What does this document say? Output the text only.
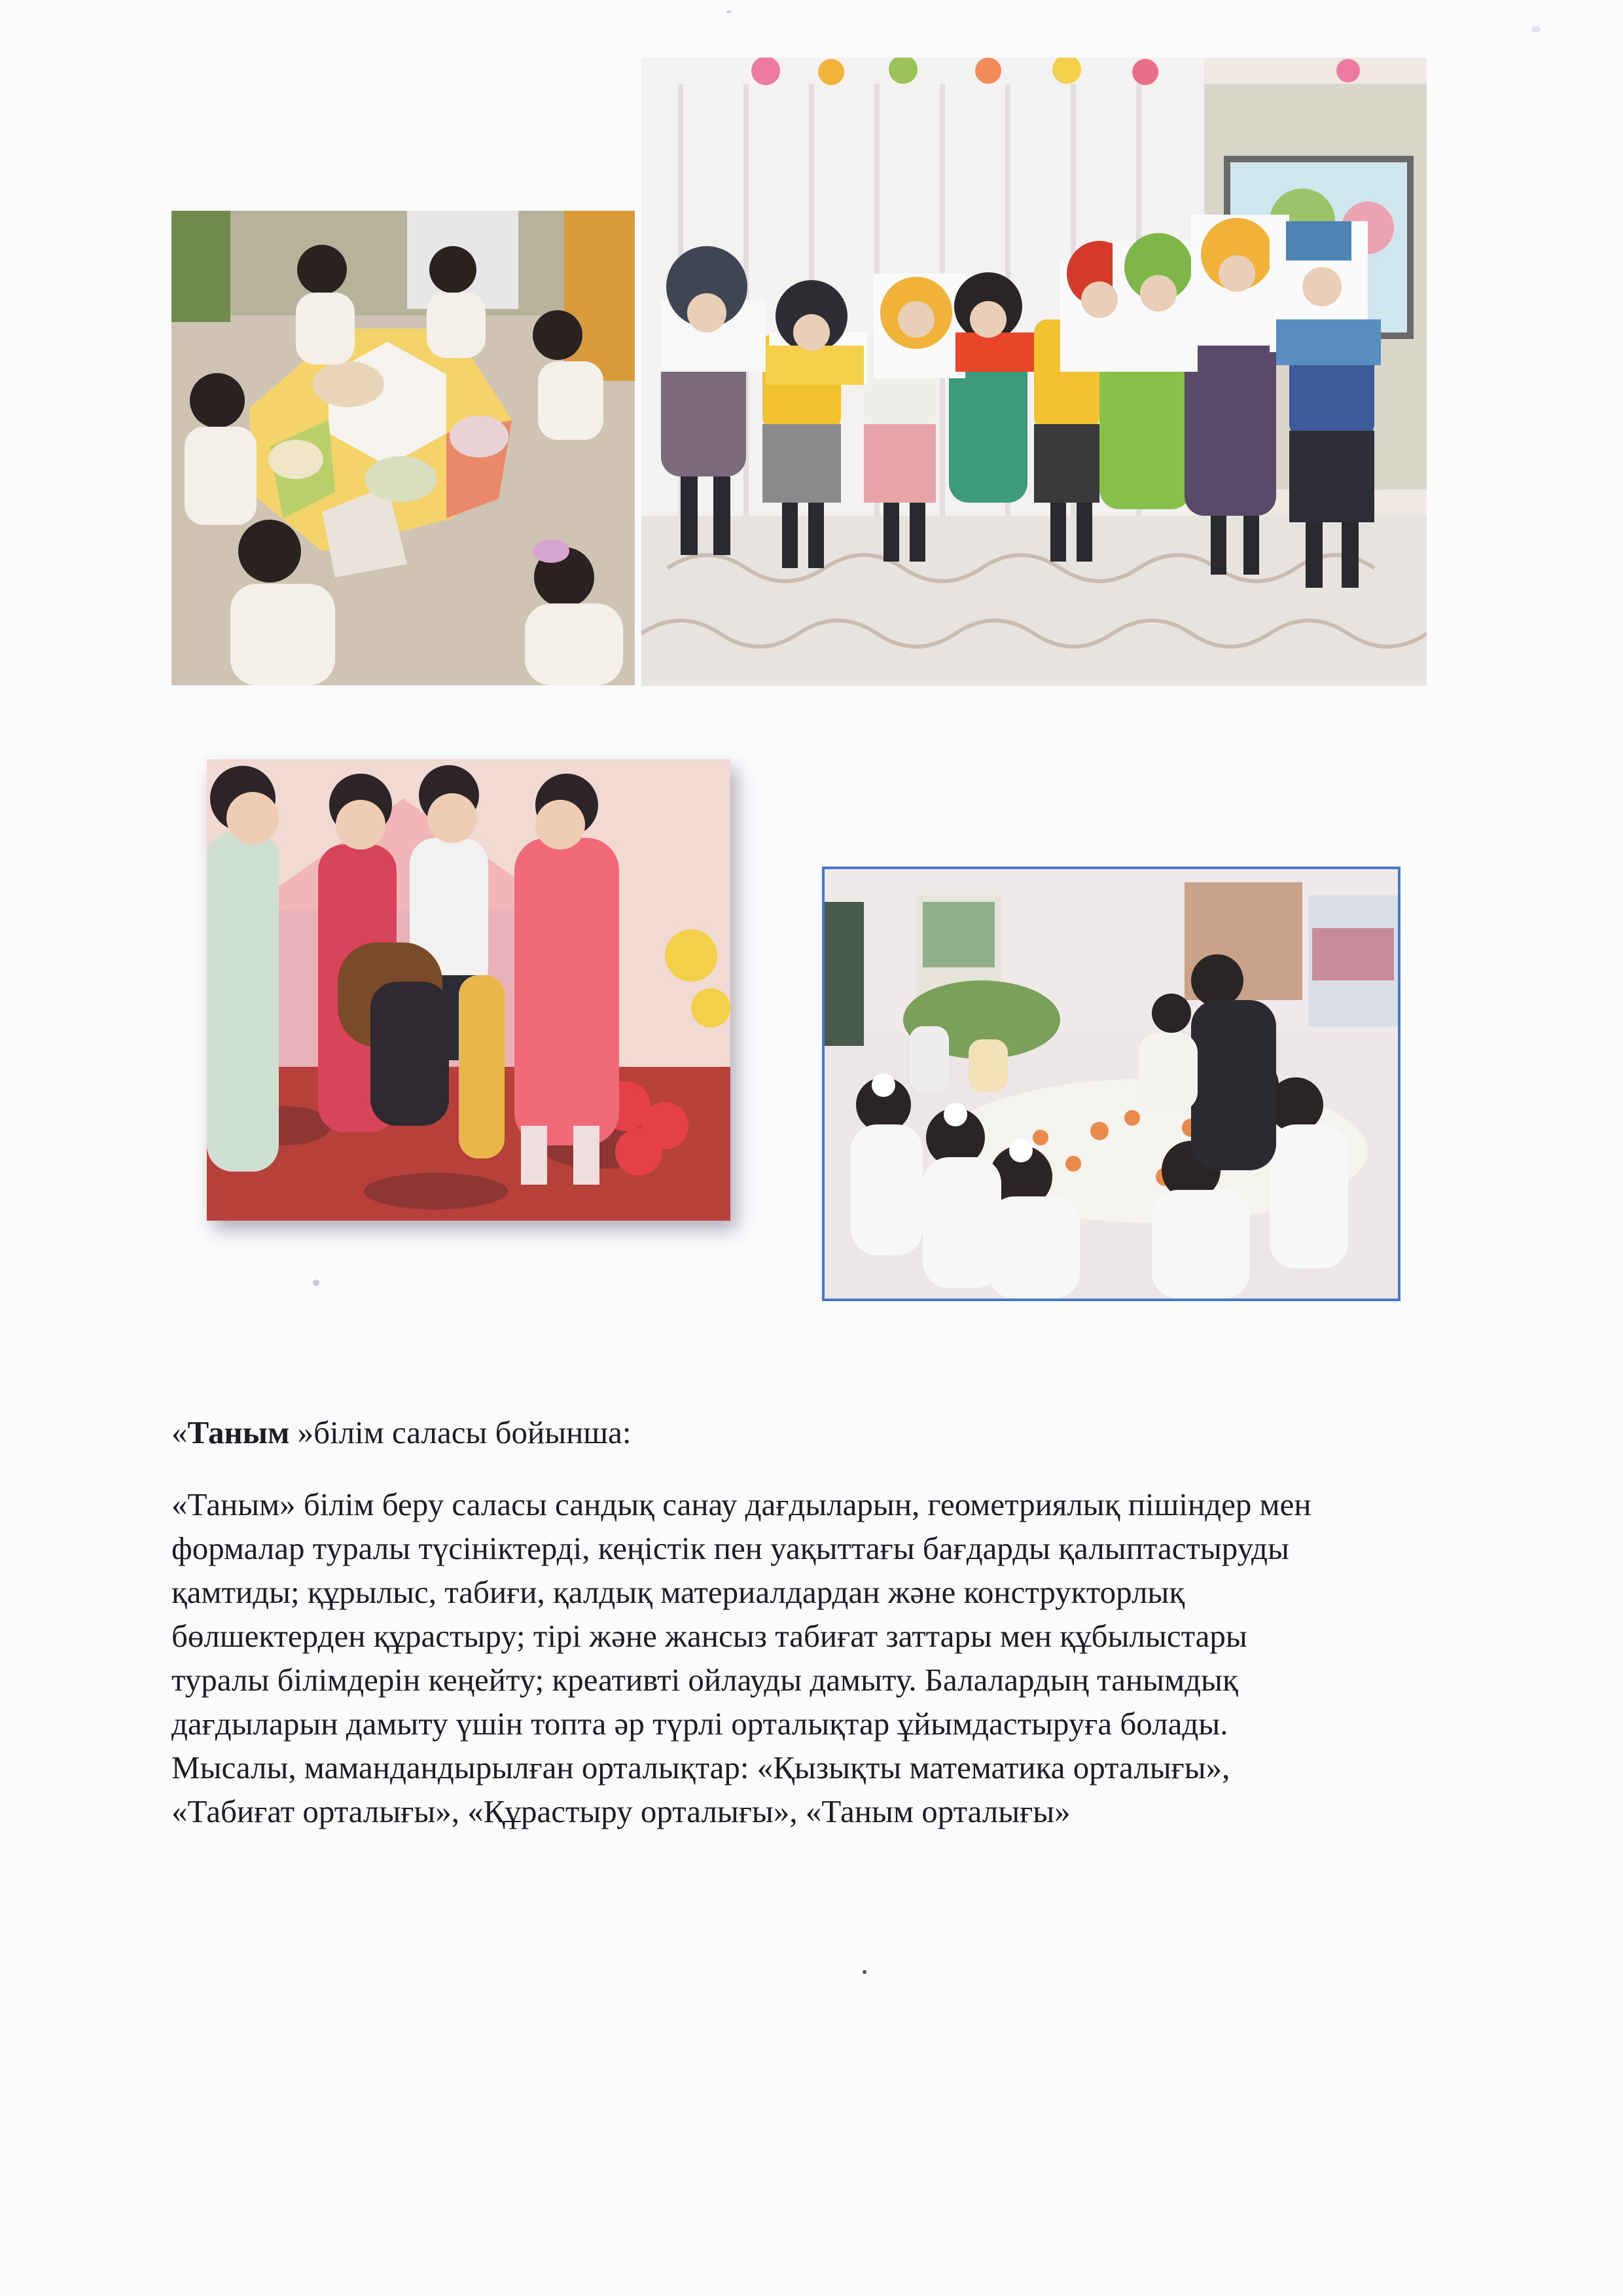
«Таным »білім саласы бойынша:
«Таным» білім беру саласы сандық санау дағдыларын, геометриялық пішіндер мен
формалар туралы түсініктерді, кеңістік пен уақыттағы бағдарды қалыптастыруды
қамтиды; құрылыс, табиғи, қалдық материалдардан және конструкторлық
бөлшектерден құрастыру; тірі және жансыз табиғат заттары мен құбылыстары
туралы білімдерін кеңейту; креативті ойлауды дамыту. Балалардың танымдық
дағдыларын дамыту үшін топта әр түрлі орталықтар ұйымдастыруға болады.
Мысалы, мамандандырылған орталықтар: «Қызықты математика орталығы»,
«Табиғат орталығы», «Құрастыру орталығы», «Таным орталығы»
